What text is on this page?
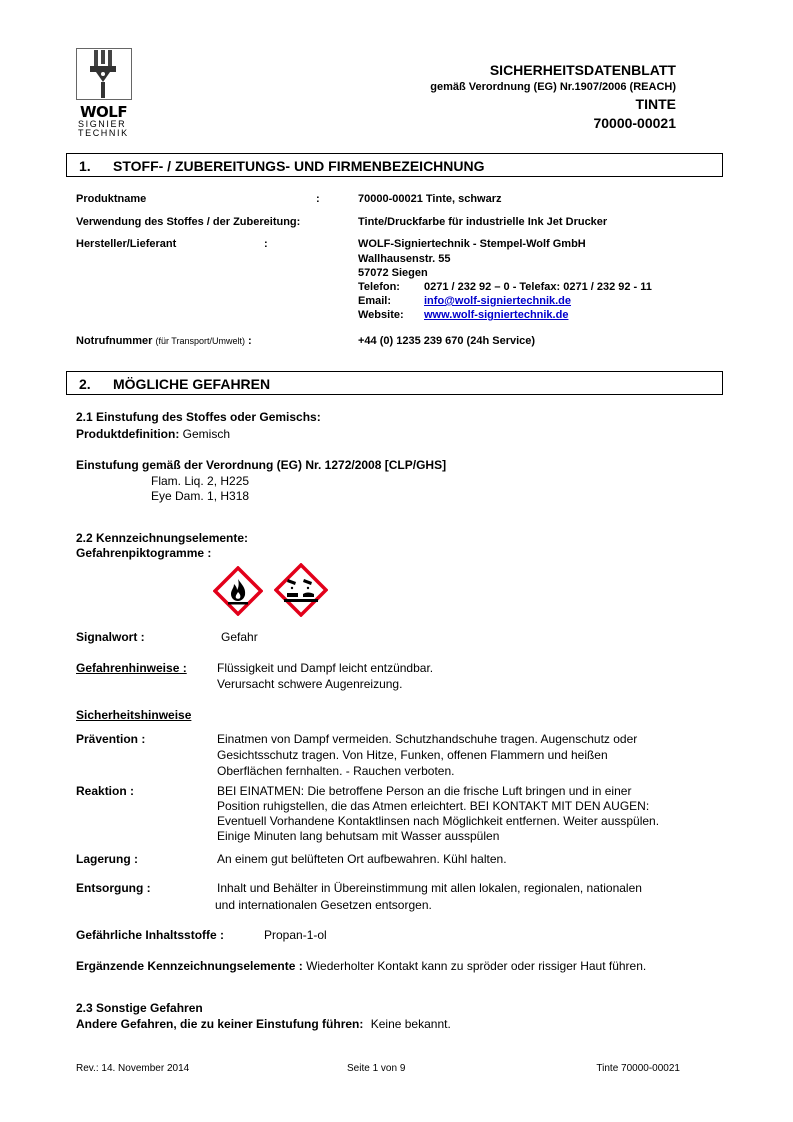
WOLF
SIGNIER
TECHNIK
SICHERHEITSDATENBLATT
gemäß Verordnung (EG) Nr.1907/2006 (REACH)
TINTE
70000-00021
1. STOFF- / ZUBEREITUNGS- UND FIRMENBEZEICHNUNG
Produktname	:	70000-00021 Tinte, schwarz
Verwendung des Stoffes / der Zubereitung:	Tinte/Druckfarbe für industrielle Ink Jet Drucker
Hersteller/Lieferant	:	WOLF-Signiertechnik - Stempel-Wolf GmbH
Wallhausenstr. 55
57072 Siegen
Telefon: 0271 / 232 92 – 0 - Telefax: 0271 / 232 92 - 11
Email:	info@wolf-signiertechnik.de
Website: www.wolf-signiertechnik.de
Notrufnummer (für Transport/Umwelt) :	+44 (0) 1235 239 670 (24h Service)
2. MÖGLICHE GEFAHREN
2.1 Einstufung des Stoffes oder Gemischs:
Produktdefinition: Gemisch
Einstufung gemäß der Verordnung (EG) Nr. 1272/2008 [CLP/GHS]
Flam. Liq. 2, H225
Eye Dam. 1, H318
2.2 Kennzeichnungselemente:
Gefahrenpiktogramme :
Signalwort :	Gefahr
Gefahrenhinweise :	Flüssigkeit und Dampf leicht entzündbar.
Verursacht schwere Augenreizung.
Sicherheitshinweise
Prävention :	Einatmen von Dampf vermeiden. Schutzhandschuhe tragen. Augenschutz oder
Gesichtsschutz tragen. Von Hitze, Funken, offenen Flammern und heißen
Oberflächen fernhalten. - Rauchen verboten.
Reaktion :	BEI EINATMEN: Die betroffene Person an die frische Luft bringen und in einer
Position ruhigstellen, die das Atmen erleichtert. BEI KONTAKT MIT DEN AUGEN:
Eventuell Vorhandene Kontaktlinsen nach Möglichkeit entfernen. Weiter ausspülen.
Einige Minuten lang behutsam mit Wasser ausspülen
Lagerung :	An einem gut belüfteten Ort aufbewahren. Kühl halten.
Entsorgung :	Inhalt und Behälter in Übereinstimmung mit allen lokalen, regionalen, nationalen
und internationalen Gesetzen entsorgen.
Gefährliche Inhaltsstoffe :	Propan-1-ol
Ergänzende Kennzeichnungselemente : Wiederholter Kontakt kann zu spröder oder rissiger Haut führen.
2.3 Sonstige Gefahren
Andere Gefahren, die zu keiner Einstufung führen: Keine bekannt.
Rev.: 14. November 2014	Seite 1 von 9	Tinte 70000-00021
